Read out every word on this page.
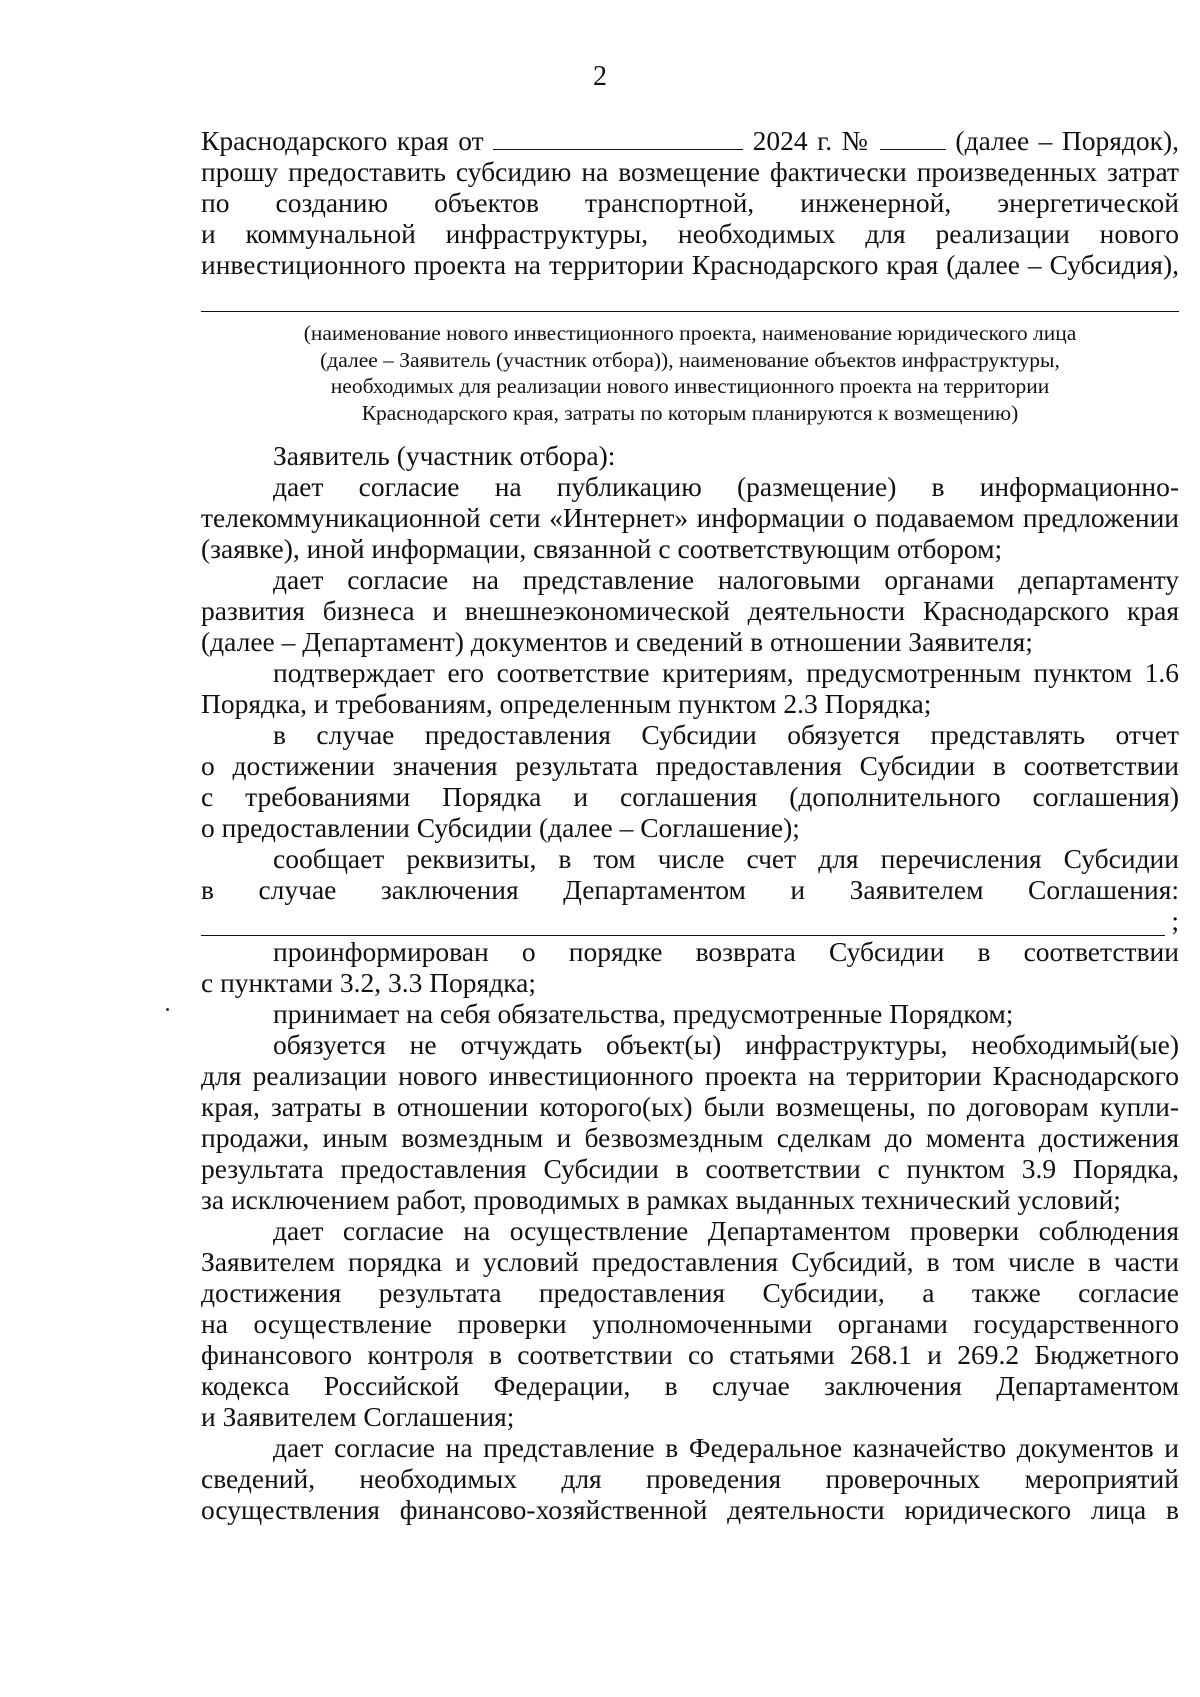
2
Краснодарского края от	2024 г. №  (далее – Порядок),
прошу предоставить субсидию на возмещение фактически произведенных затрат
по созданию объектов транспортной, инженерной, энергетической
и коммунальной инфраструктуры, необходимых для реализации нового
инвестиционного проекта на территории Краснодарского края (далее – Субсидия),
(наименование нового инвестиционного проекта, наименование юридического лица
(далее – Заявитель (участник отбора)), наименование объектов инфраструктуры,
необходимых для реализации нового инвестиционного проекта на территории
Краснодарского края, затраты по которым планируются к возмещению)
Заявитель (участник отбора):
дает согласие на публикацию (размещение) в информационно-
телекоммуникационной сети «Интернет» информации о подаваемом предложении
(заявке), иной информации, связанной с соответствующим отбором;
дает согласие на представление налоговыми органами департаменту
развития бизнеса и внешнеэкономической деятельности Краснодарского края
(далее – Департамент) документов и сведений в отношении Заявителя;
подтверждает его соответствие критериям, предусмотренным пунктом 1.6
Порядка, и требованиям, определенным пунктом 2.3 Порядка;
в случае предоставления Субсидии обязуется представлять отчет
о достижении значения результата предоставления Субсидии в соответствии
с требованиями Порядка и соглашения (дополнительного соглашения)
о предоставлении Субсидии (далее – Соглашение);
сообщает реквизиты, в том числе счет для перечисления Субсидии
в случае заключения Департаментом и Заявителем Соглашения:
;
проинформирован о порядке возврата Субсидии в соответствии
с пунктами 3.2, 3.3 Порядка;
принимает на себя обязательства, предусмотренные Порядком;
обязуется не отчуждать объект(ы) инфраструктуры, необходимый(ые)
для реализации нового инвестиционного проекта на территории Краснодарского
края, затраты в отношении которого(ых) были возмещены, по договорам купли-
продажи, иным возмездным и безвозмездным сделкам до момента достижения
результата предоставления Субсидии в соответствии с пунктом 3.9 Порядка,
за исключением работ, проводимых в рамках выданных технический условий;
дает согласие на осуществление Департаментом проверки соблюдения
Заявителем порядка и условий предоставления Субсидий, в том числе в части
достижения результата предоставления Субсидии, а также согласие
на осуществление проверки уполномоченными органами государственного
финансового контроля в соответствии со статьями 268.1 и 269.2 Бюджетного
кодекса Российской Федерации, в случае заключения Департаментом
и Заявителем Соглашения;
дает согласие на представление в Федеральное казначейство документов и
сведений, необходимых для проведения проверочных мероприятий
осуществления финансово-хозяйственной деятельности юридического лица в
